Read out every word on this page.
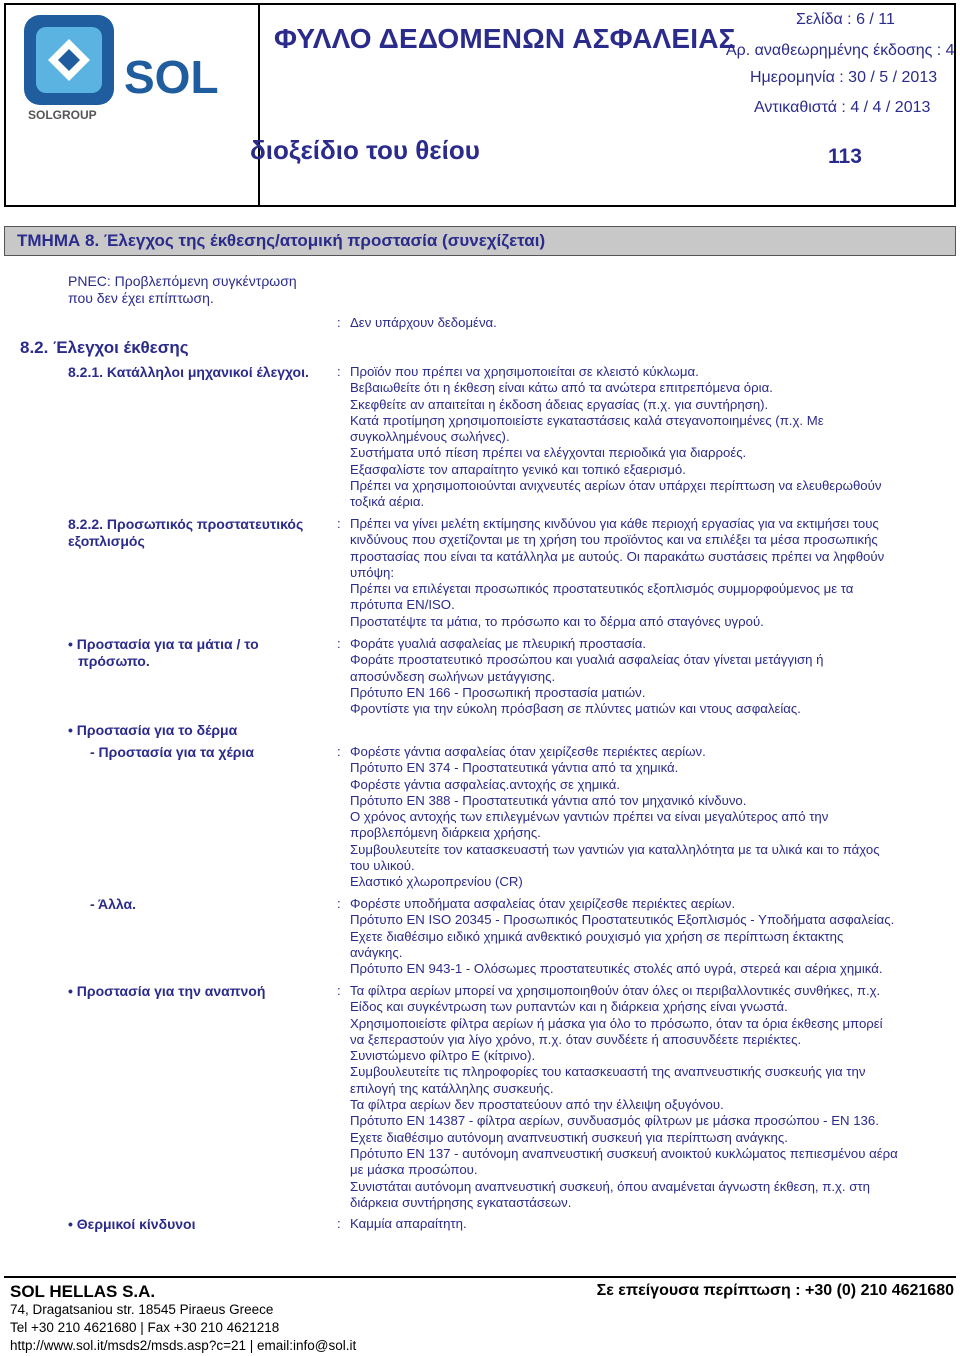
SOL
SOLGROUP
ΦΥΛΛΟ ΔΕΔΟΜΕΝΩΝ ΑΣΦΑΛΕΙΑΣ
διοξείδιο του θείου
Σελίδα : 6 / 11
Αρ. αναθεωρημένης έκδοσης : 4
Ημερομηνία : 30 / 5 / 2013
Αντικαθιστά : 4 / 4 / 2013
113
ΤΜΗΜΑ 8. Έλεγχος της έκθεσης/ατομική προστασία (συνεχίζεται)
PNEC: Προβλεπόμενη συγκέντρωση
που δεν έχει επίπτωση.
: Δεν υπάρχουν δεδομένα.
8.2. Έλεγχοι έκθεσης
8.2.1. Κατάλληλοι μηχανικοί έλεγχοι. : Προϊόν που πρέπει να χρησιμοποιείται σε κλειστό κύκλωμα.
Βεβαιωθείτε ότι η έκθεση είναι κάτω από τα ανώτερα επιτρεπόμενα όρια.
Σκεφθείτε αν απαιτείται η έκδοση άδειας εργασίας (π.χ. για συντήρηση).
Κατά προτίμηση χρησιμοποιείστε εγκαταστάσεις καλά στεγανοποιημένες (π.χ. Με
συγκολλημένους σωλήνες).
Συστήματα υπό πίεση πρέπει να ελέγχονται περιοδικά για διαρροές.
Εξασφαλίστε τον απαραίτητο γενικό και τοπικό εξαερισμό.
Πρέπει να χρησιμοποιούνται ανιχνευτές αερίων όταν υπάρχει περίπτωση να ελευθερωθούν
τοξικά αέρια.
8.2.2. Προσωπικός προστατευτικός
εξοπλισμός
: Πρέπει να γίνει μελέτη εκτίμησης κινδύνου για κάθε περιοχή εργασίας για να εκτιμήσει τους
κινδύνους που σχετίζονται με τη χρήση του προϊόντος και να επιλέξει τα μέσα προσωπικής
προστασίας που είναι τα κατάλληλα με αυτούς. Οι παρακάτω συστάσεις πρέπει να ληφθούν
υπόψη:
Πρέπει να επιλέγεται προσωπικός προστατευτικός εξοπλισμός συμμορφούμενος με τα
πρότυπα EN/ISO.
Προστατέψτε τα μάτια, το πρόσωπο και το δέρμα από σταγόνες υγρού.
• Προστασία για τα μάτια / το
πρόσωπο.
: Φοράτε γυαλιά ασφαλείας με πλευρική προστασία.
Φοράτε προστατευτικό προσώπου και γυαλιά ασφαλείας όταν γίνεται μετάγγιση ή
αποσύνδεση σωλήνων μετάγγισης.
Πρότυπο EN 166 - Προσωπική προστασία ματιών.
Φροντίστε για την εύκολη πρόσβαση σε πλύντες ματιών και ντους ασφαλείας.
• Προστασία για το δέρμα
- Προστασία για τα χέρια	: Φορέστε γάντια ασφαλείας όταν χειρίζεσθε περιέκτες αερίων.
Πρότυπο EN 374 - Προστατευτικά γάντια από τα χημικά.
Φορέστε γάντια ασφαλείας.αντοχής σε χημικά.
Πρότυπο EN 388 - Προστατευτικά γάντια από τον μηχανικό κίνδυνο.
Ο χρόνος αντοχής των επιλεγμένων γαντιών πρέπει να είναι μεγαλύτερος από την
προβλεπόμενη διάρκεια χρήσης.
Συμβουλευτείτε τον κατασκευαστή των γαντιών για καταλληλότητα με τα υλικά και το πάχος
του υλικού.
Ελαστικό χλωροπρενίου (CR)
- Άλλα.	: Φορέστε υποδήματα ασφαλείας όταν χειρίζεσθε περιέκτες αερίων.
Πρότυπο EN ISO 20345 - Προσωπικός Προστατευτικός Εξοπλισμός - Υποδήματα ασφαλείας.
Εχετε διαθέσιμο ειδικό χημικά ανθεκτικό ρουχισμό για χρήση σε περίπτωση έκτακτης
ανάγκης.
Πρότυπο EN 943-1 - Ολόσωμες προστατευτικές στολές από υγρά, στερεά και αέρια χημικά.
• Προστασία για την αναπνοή	: Τα φίλτρα αερίων μπορεί να χρησιμοποιηθούν όταν όλες οι περιβαλλοντικές συνθήκες, π.χ.
Είδος και συγκέντρωση των ρυπαντών και η διάρκεια χρήσης είναι γνωστά.
Χρησιμοποιείστε φίλτρα αερίων ή μάσκα για όλο το πρόσωπο, όταν τα όρια έκθεσης μπορεί
να ξεπεραστούν για λίγο χρόνο, π.χ. όταν συνδέετε ή αποσυνδέετε περιέκτες.
Συνιστώμενο φίλτρο E (κίτρινο).
Συμβουλευτείτε τις πληροφορίες του κατασκευαστή της αναπνευστικής συσκευής για την
επιλογή της κατάλληλης συσκευής.
Τα φίλτρα αερίων δεν προστατεύουν από την έλλειψη οξυγόνου.
Πρότυπο EN 14387 - φίλτρα αερίων, συνδυασμός φίλτρων με μάσκα προσώπου - EN 136.
Εχετε διαθέσιμο αυτόνομη αναπνευστική συσκευή για περίπτωση ανάγκης.
Πρότυπο EN 137 - αυτόνομη αναπνευστική συσκευή ανοικτού κυκλώματος πεπιεσμένου αέρα
με μάσκα προσώπου.
Συνιστάται αυτόνομη αναπνευστική συσκευή, όπου αναμένεται άγνωστη έκθεση, π.χ. στη
διάρκεια συντήρησης εγκαταστάσεων.
• Θερμικοί κίνδυνοι	: Καμμία απαραίτητη.
SOL HELLAS S.A.
74, Dragatsaniou str. 18545 Piraeus Greece
Tel +30 210 4621680 | Fax +30 210 4621218
http://www.sol.it/msds2/msds.asp?c=21 | email:info@sol.it
Σε επείγουσα περίπτωση : +30 (0) 210 4621680
